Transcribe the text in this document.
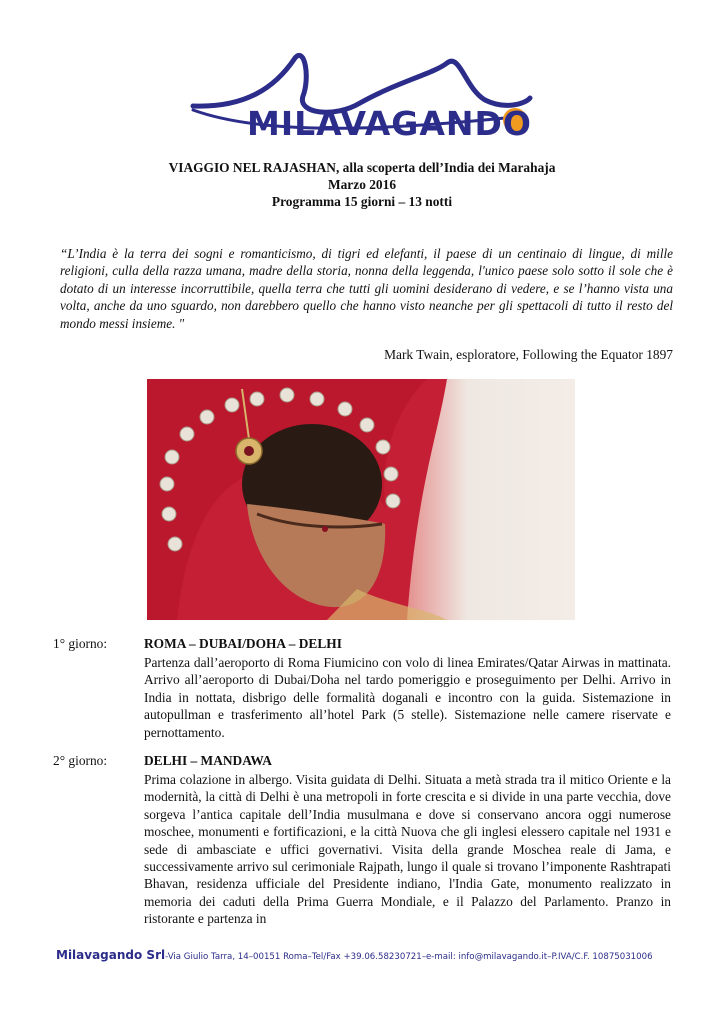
MILAVAGANDO
VIAGGIO NEL RAJASHAN, alla scoperta dell’India dei Marahaja
Marzo 2016
Programma 15 giorni – 13 notti
“L’India è la terra dei sogni e romanticismo, di tigri ed elefanti, il paese di un centinaio di lingue, di mille religioni, culla della razza umana, madre della storia, nonna della leggenda, l'unico paese solo sotto il sole che è dotato di un interesse incorruttibile, quella terra che tutti gli uomini desiderano di vedere, e se l’hanno vista una volta, anche da uno sguardo, non darebbero quello che hanno visto neanche per gli spettacoli di tutto il resto del mondo messi insieme. "
Mark Twain, esploratore, Following the Equator 1897
1° giorno:	ROMA – DUBAI/DOHA – DELHI
Partenza dall’aeroporto di Roma Fiumicino con volo di linea Emirates/Qatar Airwas in mattinata. Arrivo all’aeroporto di Dubai/Doha nel tardo pomeriggio e proseguimento per Delhi. Arrivo in India in nottata, disbrigo delle formalità doganali e incontro con la guida. Sistemazione in autopullman e trasferimento all’hotel Park (5 stelle). Sistemazione nelle camere riservate e pernottamento.
2° giorno:	DELHI – MANDAWA
Prima colazione in albergo. Visita guidata di Delhi. Situata a metà strada tra il mitico Oriente e la modernità, la città di Delhi è una metropoli in forte crescita e si divide in una parte vecchia, dove sorgeva l’antica capitale dell’India musulmana e dove si conservano ancora oggi numerose moschee, monumenti e fortificazioni, e la città Nuova che gli inglesi elessero capitale nel 1931 e sede di ambasciate e uffici governativi. Visita della grande Moschea reale di Jama, e successivamente arrivo sul cerimoniale Rajpath, lungo il quale si trovano l’imponente Rashtrapati Bhavan, residenza ufficiale del Presidente indiano, l'India Gate, monumento realizzato in memoria dei caduti della Prima Guerra Mondiale, e il Palazzo del Parlamento. Pranzo in ristorante e partenza in
Milavagando Srl-Via Giulio Tarra, 14–00151 Roma–Tel/Fax +39.06.58230721–e-mail: info@milavagando.it–P.IVA/C.F. 10875031006
